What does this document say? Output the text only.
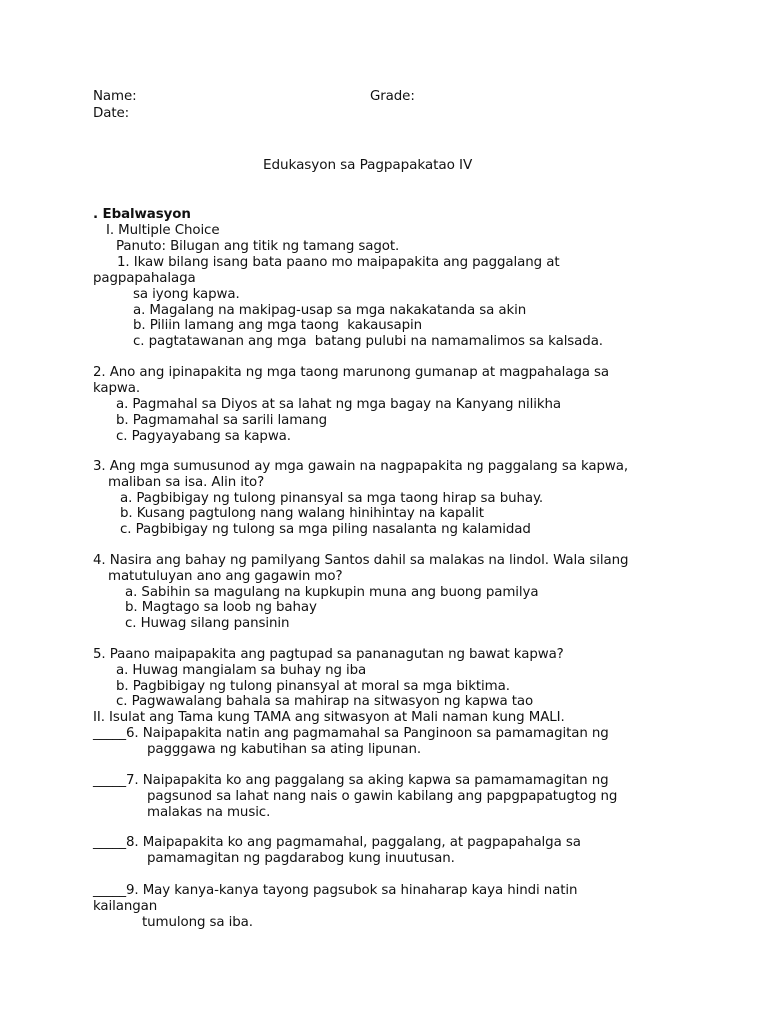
Name:	Grade:
Date:
Edukasyon sa Pagpapakatao IV
. Ebalwasyon
I. Multiple Choice
Panuto: Bilugan ang titik ng tamang sagot.
1. Ikaw bilang isang bata paano mo maipapakita ang paggalang at
pagpapahalaga
sa iyong kapwa.
a. Magalang na makipag-usap sa mga nakakatanda sa akin
b. Piliin lamang ang mga taong  kakausapin
c. pagtatawanan ang mga  batang pulubi na namamalimos sa kalsada.
2. Ano ang ipinapakita ng mga taong marunong gumanap at magpahalaga sa
kapwa.
a. Pagmahal sa Diyos at sa lahat ng mga bagay na Kanyang nilikha
b. Pagmamahal sa sarili lamang
c. Pagyayabang sa kapwa.
3. Ang mga sumusunod ay mga gawain na nagpapakita ng paggalang sa kapwa,
maliban sa isa. Alin ito?
a. Pagbibigay ng tulong pinansyal sa mga taong hirap sa buhay.
b. Kusang pagtulong nang walang hinihintay na kapalit
c. Pagbibigay ng tulong sa mga piling nasalanta ng kalamidad
4. Nasira ang bahay ng pamilyang Santos dahil sa malakas na lindol. Wala silang
matutuluyan ano ang gagawin mo?
a. Sabihin sa magulang na kupkupin muna ang buong pamilya
b. Magtago sa loob ng bahay
c. Huwag silang pansinin
5. Paano maipapakita ang pagtupad sa pananagutan ng bawat kapwa?
a. Huwag mangialam sa buhay ng iba
b. Pagbibigay ng tulong pinansyal at moral sa mga biktima.
c. Pagwawalang bahala sa mahirap na sitwasyon ng kapwa tao
II. Isulat ang Tama kung TAMA ang sitwasyon at Mali naman kung MALI.
_____6. Naipapakita natin ang pagmamahal sa Panginoon sa pamamagitan ng
pagggawa ng kabutihan sa ating lipunan.
_____7. Naipapakita ko ang paggalang sa aking kapwa sa pamamamagitan ng
pagsunod sa lahat nang nais o gawin kabilang ang papgpapatugtog ng
malakas na music.
_____8. Maipapakita ko ang pagmamahal, paggalang, at pagpapahalga sa
pamamagitan ng pagdarabog kung inuutusan.
_____9. May kanya-kanya tayong pagsubok sa hinaharap kaya hindi natin
kailangan
tumulong sa iba.
